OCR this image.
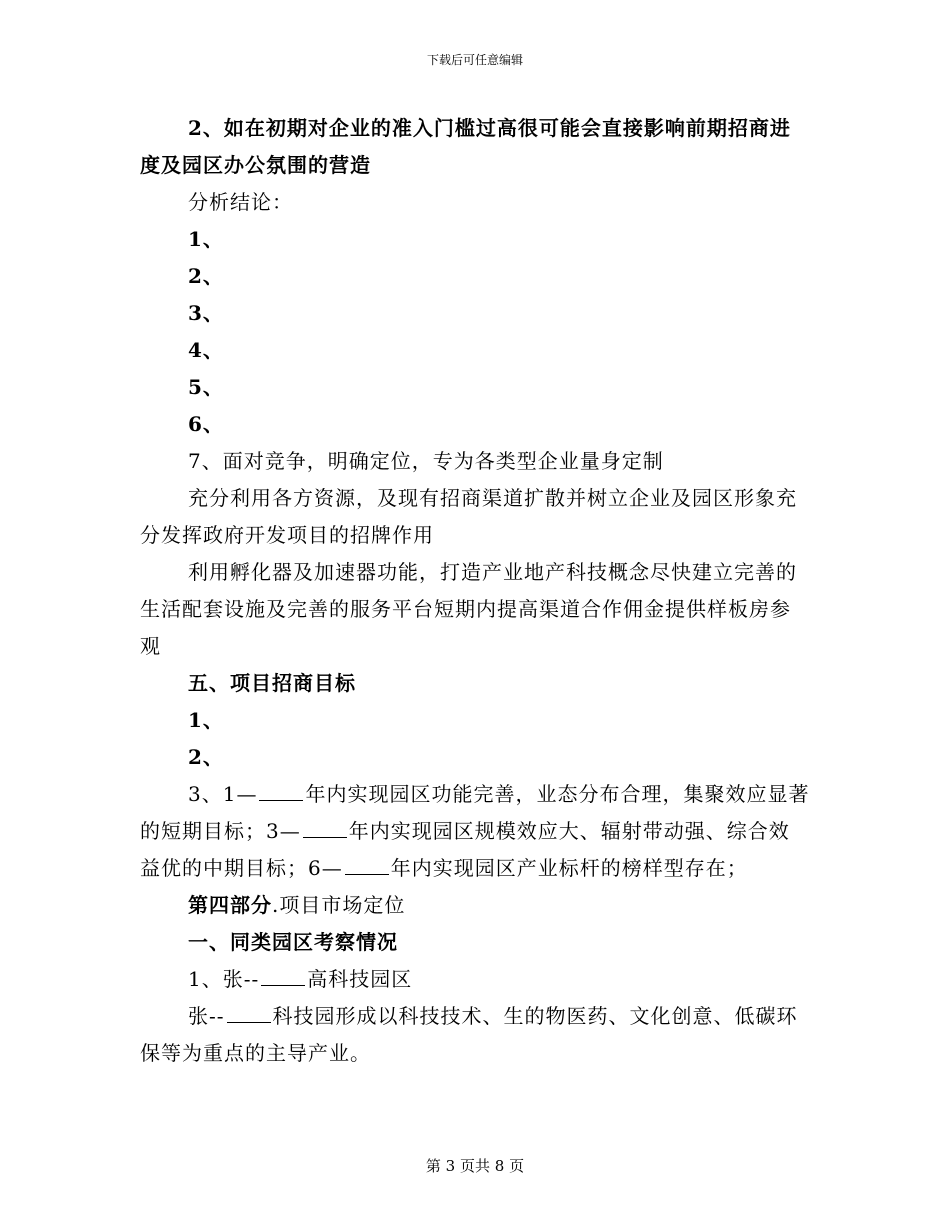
下载后可任意编辑

2、如在初期对企业的准入门槛过高很可能会直接影响前期招商进度及园区办公氛围的营造

分析结论：

1、

2、

3、

4、

5、

6、

7、面对竞争，明确定位，专为各类型企业量身定制

充分利用各方资源，及现有招商渠道扩散并树立企业及园区形象充分发挥政府开发项目的招牌作用

利用孵化器及加速器功能，打造产业地产科技概念尽快建立完善的生活配套设施及完善的服务平台短期内提高渠道合作佣金提供样板房参观

五、项目招商目标

1、

2、

3、1— 年内实现园区功能完善，业态分布合理，集聚效应显著的短期目标；3— 年内实现园区规模效应大、辐射带动强、综合效益优的中期目标；6— 年内实现园区产业标杆的榜样型存在；

第四部分.项目市场定位

一、同类园区考察情况

1、张-- 高科技园区

张-- 科技园形成以科技技术、生的物医药、文化创意、低碳环保等为重点的主导产业。

第 3 页共 8 页
